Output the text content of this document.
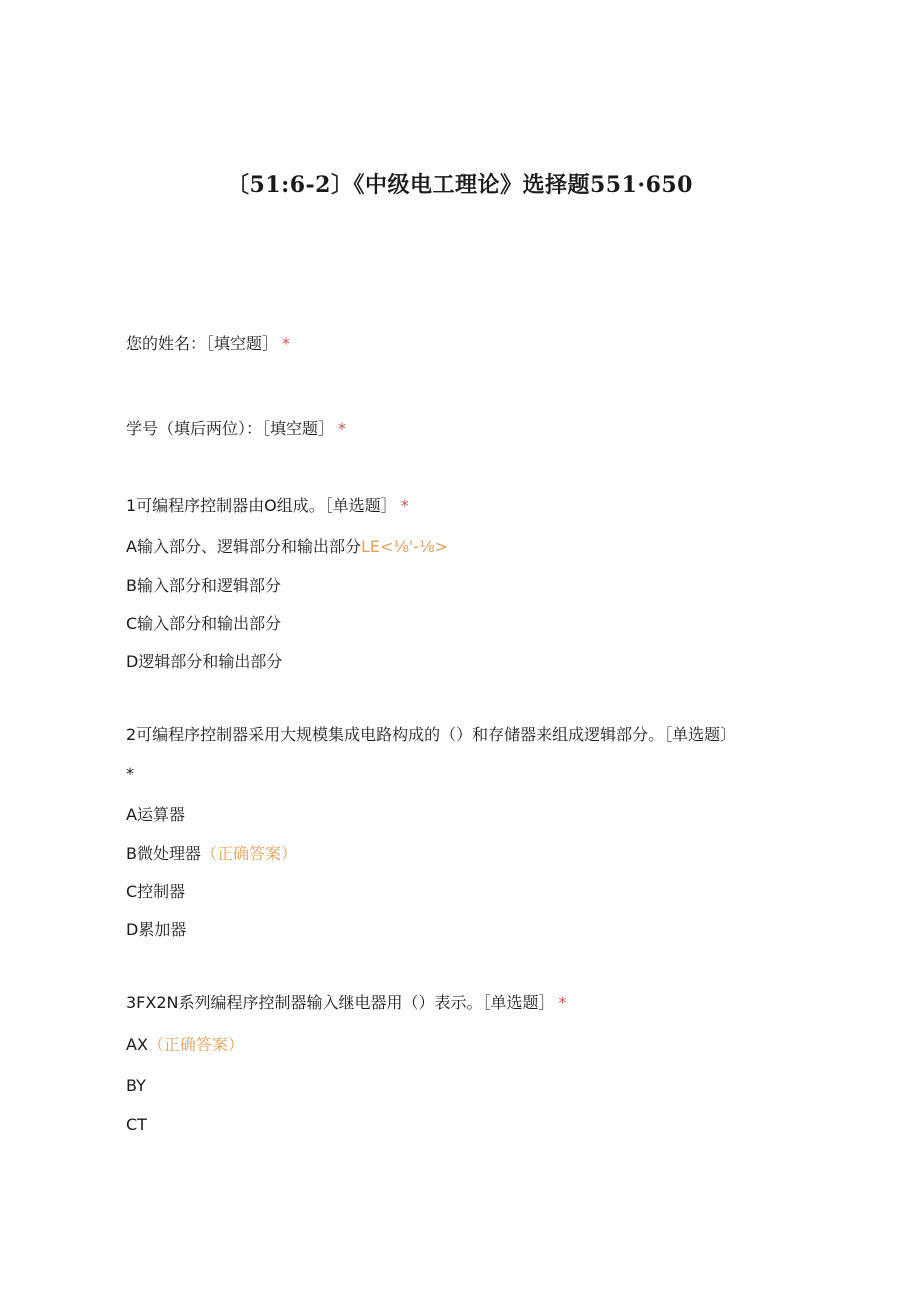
〔51:6-2〕《中级电工理论》选择题551·650
您的姓名：［填空题］ *
学号（填后两位）：［填空题］ *
1可编程序控制器由O组成。［单选题］ *
A输入部分、逻辑部分和输出部分LE<⅛'-⅛>
B输入部分和逻辑部分
C输入部分和输出部分
D逻辑部分和输出部分
2可编程序控制器采用大规模集成电路构成的（）和存储器来组成逻辑部分。［单选题〕
*
A运算器
B微处理器（正确答案）
C控制器
D累加器
3FX2N系列编程序控制器输入继电器用（）表示。［单选题］ *
AX（正确答案）
BY
CT
